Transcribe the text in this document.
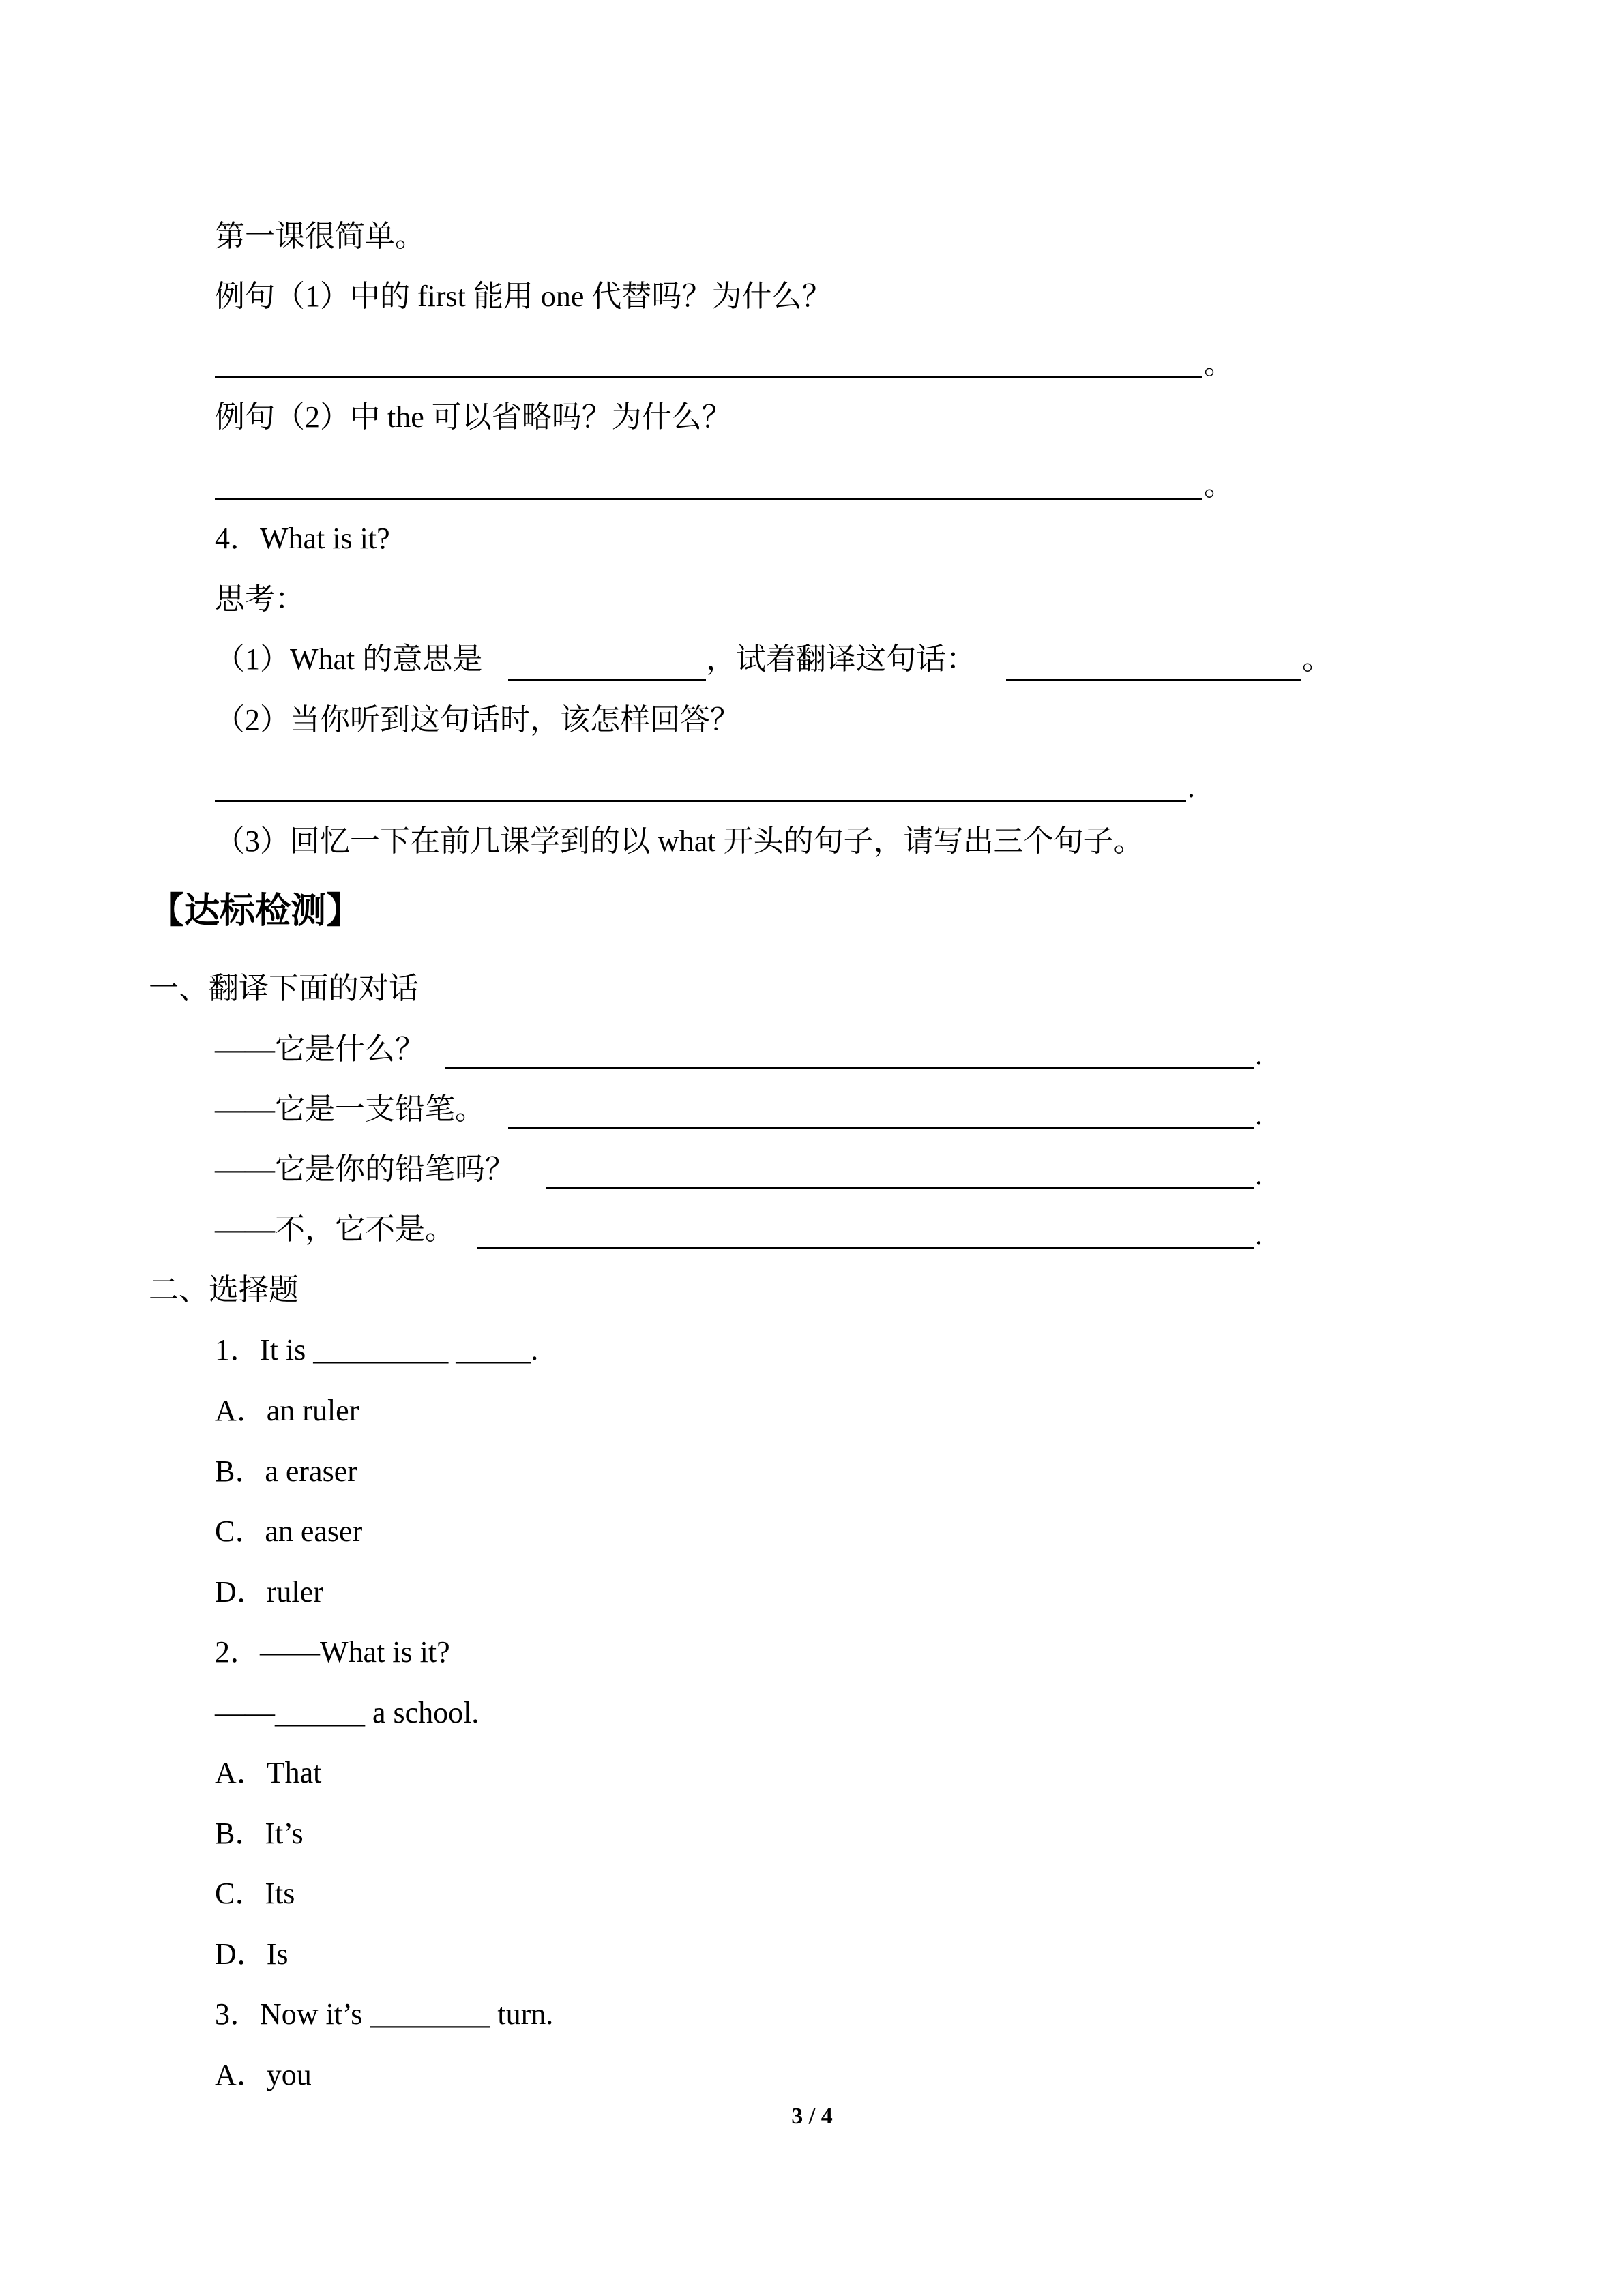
第一课很简单。
例句（1）中的 first 能用 one 代替吗？为什么？
。
例句（2）中 the 可以省略吗？为什么？
。
4．What is it?
思考：
（1）What 的意思是	，试着翻译这句话：	。
（2）当你听到这句话时，该怎样回答？
.
（3）回忆一下在前几课学到的以 what 开头的句子，请写出三个句子。
【达标检测】
一、翻译下面的对话
——它是什么？	.
——它是一支铅笔。	.
——它是你的铅笔吗？	.
——不，它不是。	.
二、选择题
1．It is _________ _____.
A．an ruler
B．a eraser
C．an easer
D．ruler
2．——What is it?
——______ a school.
A．That
B．It’s
C．Its
D．Is
3．Now it’s ________ turn.
A．you
3 / 4
